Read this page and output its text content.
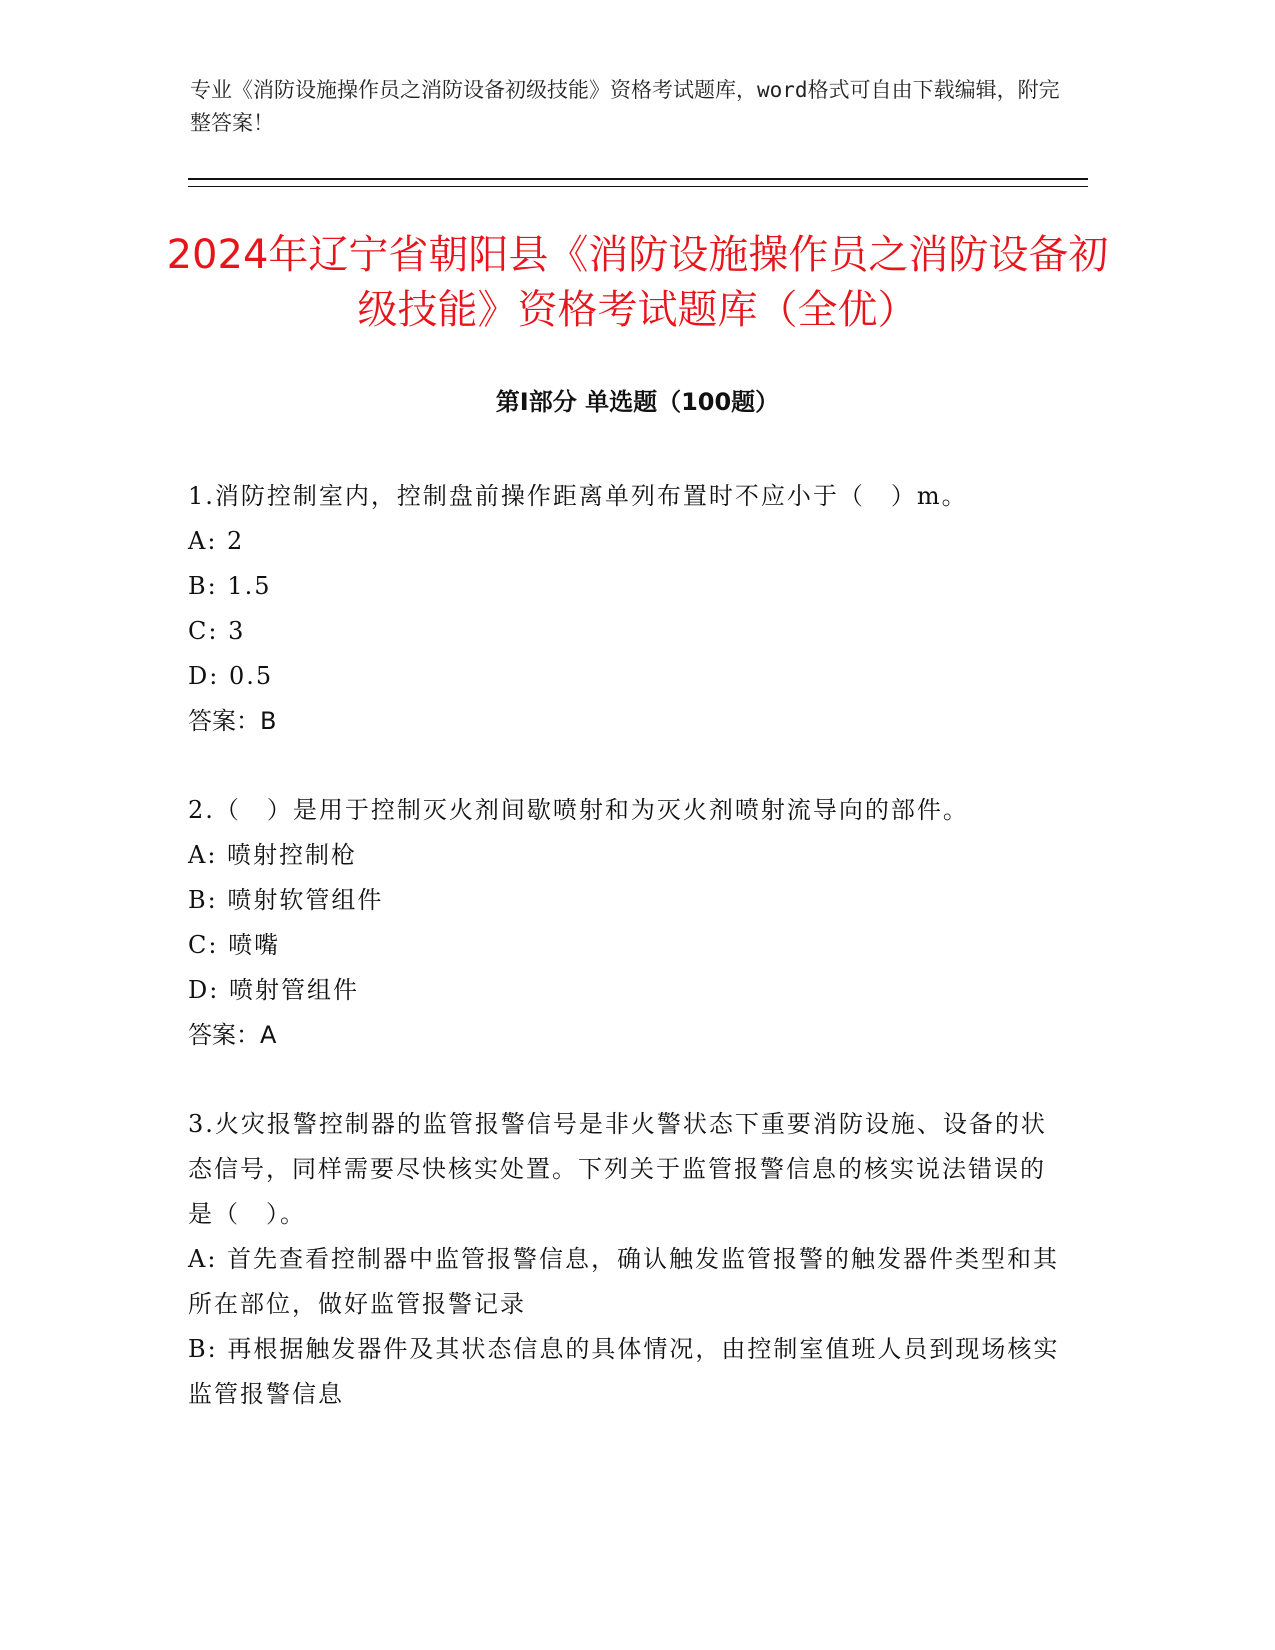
专业《消防设施操作员之消防设备初级技能》资格考试题库，word格式可自由下载编辑，附完整答案！
2024年辽宁省朝阳县《消防设施操作员之消防设备初级技能》资格考试题库（全优）
第Ⅰ部分 单选题（100题）
1.消防控制室内，控制盘前操作距离单列布置时不应小于（　）m。
A: 2
B: 1.5
C: 3
D: 0.5
答案：B
2.（　）是用于控制灭火剂间歇喷射和为灭火剂喷射流导向的部件。
A: 喷射控制枪
B: 喷射软管组件
C: 喷嘴
D: 喷射管组件
答案：A
3.火灾报警控制器的监管报警信号是非火警状态下重要消防设施、设备的状态信号，同样需要尽快核实处置。下列关于监管报警信息的核实说法错误的是（　）。
A: 首先查看控制器中监管报警信息，确认触发监管报警的触发器件类型和其所在部位，做好监管报警记录
B: 再根据触发器件及其状态信息的具体情况，由控制室值班人员到现场核实监管报警信息
